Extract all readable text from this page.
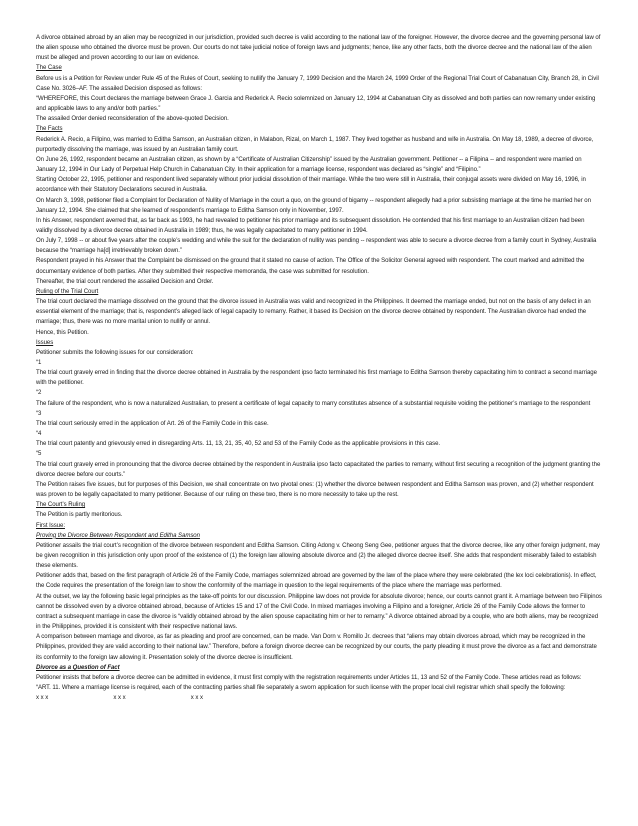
A divorce obtained abroad by an alien may be recognized in our jurisdiction, provided such decree is valid according to the national law of the foreigner. However, the divorce decree and the governing personal law of the alien spouse who obtained the divorce must be proven. Our courts do not take judicial notice of foreign laws and judgments; hence, like any other facts, both the divorce decree and the national law of the alien must be alleged and proven according to our law on evidence.
The Case
Before us is a Petition for Review under Rule 45 of the Rules of Court, seeking to nullify the January 7, 1999 Decision and the March 24, 1999 Order of the Regional Trial Court of Cabanatuan City, Branch 28, in Civil Case No. 3026–AF. The assailed Decision disposed as follows:
“WHEREFORE, this Court declares the marriage between Grace J. Garcia and Rederick A. Recio solemnized on January 12, 1994 at Cabanatuan City as dissolved and both parties can now remarry under existing and applicable laws to any and/or both parties.”
The assailed Order denied reconsideration of the above-quoted Decision.
The Facts
Rederick A. Recio, a Filipino, was married to Editha Samson, an Australian citizen, in Malabon, Rizal, on March 1, 1987. They lived together as husband and wife in Australia. On May 18, 1989, a decree of divorce, purportedly dissolving the marriage, was issued by an Australian family court.
On June 26, 1992, respondent became an Australian citizen, as shown by a “Certificate of Australian Citizenship” issued by the Australian government. Petitioner -- a Filipina -- and respondent were married on January 12, 1994 in Our Lady of Perpetual Help Church in Cabanatuan City. In their application for a marriage license, respondent was declared as “single” and “Filipino.”
Starting October 22, 1995, petitioner and respondent lived separately without prior judicial dissolution of their marriage. While the two were still in Australia, their conjugal assets were divided on May 16, 1996, in accordance with their Statutory Declarations secured in Australia.
On March 3, 1998, petitioner filed a Complaint for Declaration of Nullity of Marriage in the court a quo, on the ground of bigamy -- respondent allegedly had a prior subsisting marriage at the time he married her on January 12, 1994. She claimed that she learned of respondent’s marriage to Editha Samson only in November, 1997.
In his Answer, respondent averred that, as far back as 1993, he had revealed to petitioner his prior marriage and its subsequent dissolution. He contended that his first marriage to an Australian citizen had been validly dissolved by a divorce decree obtained in Australia in 1989; thus, he was legally capacitated to marry petitioner in 1994.
On July 7, 1998 -- or about five years after the couple’s wedding and while the suit for the declaration of nullity was pending -- respondent was able to secure a divorce decree from a family court in Sydney, Australia because the “marriage ha[d] irretrievably broken down.”
Respondent prayed in his Answer that the Complaint be dismissed on the ground that it stated no cause of action. The Office of the Solicitor General agreed with respondent. The court marked and admitted the documentary evidence of both parties. After they submitted their respective memoranda, the case was submitted for resolution.
Thereafter, the trial court rendered the assailed Decision and Order.
Ruling of the Trial Court
The trial court declared the marriage dissolved on the ground that the divorce issued in Australia was valid and recognized in the Philippines. It deemed the marriage ended, but not on the basis of any defect in an essential element of the marriage; that is, respondent’s alleged lack of legal capacity to remarry. Rather, it based its Decision on the divorce decree obtained by respondent. The Australian divorce had ended the marriage; thus, there was no more marital union to nullify or annul.
Hence, this Petition.
Issues
Petitioner submits the following issues for our consideration:
“1
The trial court gravely erred in finding that the divorce decree obtained in Australia by the respondent ipso facto terminated his first marriage to Editha Samson thereby capacitating him to contract a second marriage with the petitioner.
“2
The failure of the respondent, who is now a naturalized Australian, to present a certificate of legal capacity to marry constitutes absence of a substantial requisite voiding the petitioner’s marriage to the respondent
“3
The trial court seriously erred in the application of Art. 26 of the Family Code in this case.
“4
The trial court patently and grievously erred in disregarding Arts. 11, 13, 21, 35, 40, 52 and 53 of the Family Code as the applicable provisions in this case.
“5
The trial court gravely erred in pronouncing that the divorce decree obtained by the respondent in Australia ipso facto capacitated the parties to remarry, without first securing a recognition of the judgment granting the divorce decree before our courts.”
The Petition raises five issues, but for purposes of this Decision, we shall concentrate on two pivotal ones: (1) whether the divorce between respondent and Editha Samson was proven, and (2) whether respondent was proven to be legally capacitated to marry petitioner. Because of our ruling on these two, there is no more necessity to take up the rest.
The Court’s Ruling
The Petition is partly meritorious.
First Issue:
Proving the Divorce Between Respondent and Editha Samson
Petitioner assails the trial court’s recognition of the divorce between respondent and Editha Samson. Citing Adong v. Cheong Seng Gee, petitioner argues that the divorce decree, like any other foreign judgment, may be given recognition in this jurisdiction only upon proof of the existence of (1) the foreign law allowing absolute divorce and (2) the alleged divorce decree itself. She adds that respondent miserably failed to establish these elements.
Petitioner adds that, based on the first paragraph of Article 26 of the Family Code, marriages solemnized abroad are governed by the law of the place where they were celebrated (the lex loci celebrationis). In effect, the Code requires the presentation of the foreign law to show the conformity of the marriage in question to the legal requirements of the place where the marriage was performed.
At the outset, we lay the following basic legal principles as the take-off points for our discussion. Philippine law does not provide for absolute divorce; hence, our courts cannot grant it. A marriage between two Filipinos cannot be dissolved even by a divorce obtained abroad, because of Articles 15 and 17 of the Civil Code. In mixed marriages involving a Filipino and a foreigner, Article 26 of the Family Code allows the former to contract a subsequent marriage in case the divorce is “validly obtained abroad by the alien spouse capacitating him or her to remarry.” A divorce obtained abroad by a couple, who are both aliens, may be recognized in the Philippines, provided it is consistent with their respective national laws.
A comparison between marriage and divorce, as far as pleading and proof are concerned, can be made. Van Dorn v. Romillo Jr. decrees that “aliens may obtain divorces abroad, which may be recognized in the Philippines, provided they are valid according to their national law.” Therefore, before a foreign divorce decree can be recognized by our courts, the party pleading it must prove the divorce as a fact and demonstrate its conformity to the foreign law allowing it. Presentation solely of the divorce decree is insufficient.
Divorce as a Question of Fact
Petitioner insists that before a divorce decree can be admitted in evidence, it must first comply with the registration requirements under Articles 11, 13 and 52 of the Family Code. These articles read as follows:
“ART. 11. Where a marriage license is required, each of the contracting parties shall file separately a sworn application for such license with the proper local civil registrar which shall specify the following:
x x x                                        x x x                                        x x x
